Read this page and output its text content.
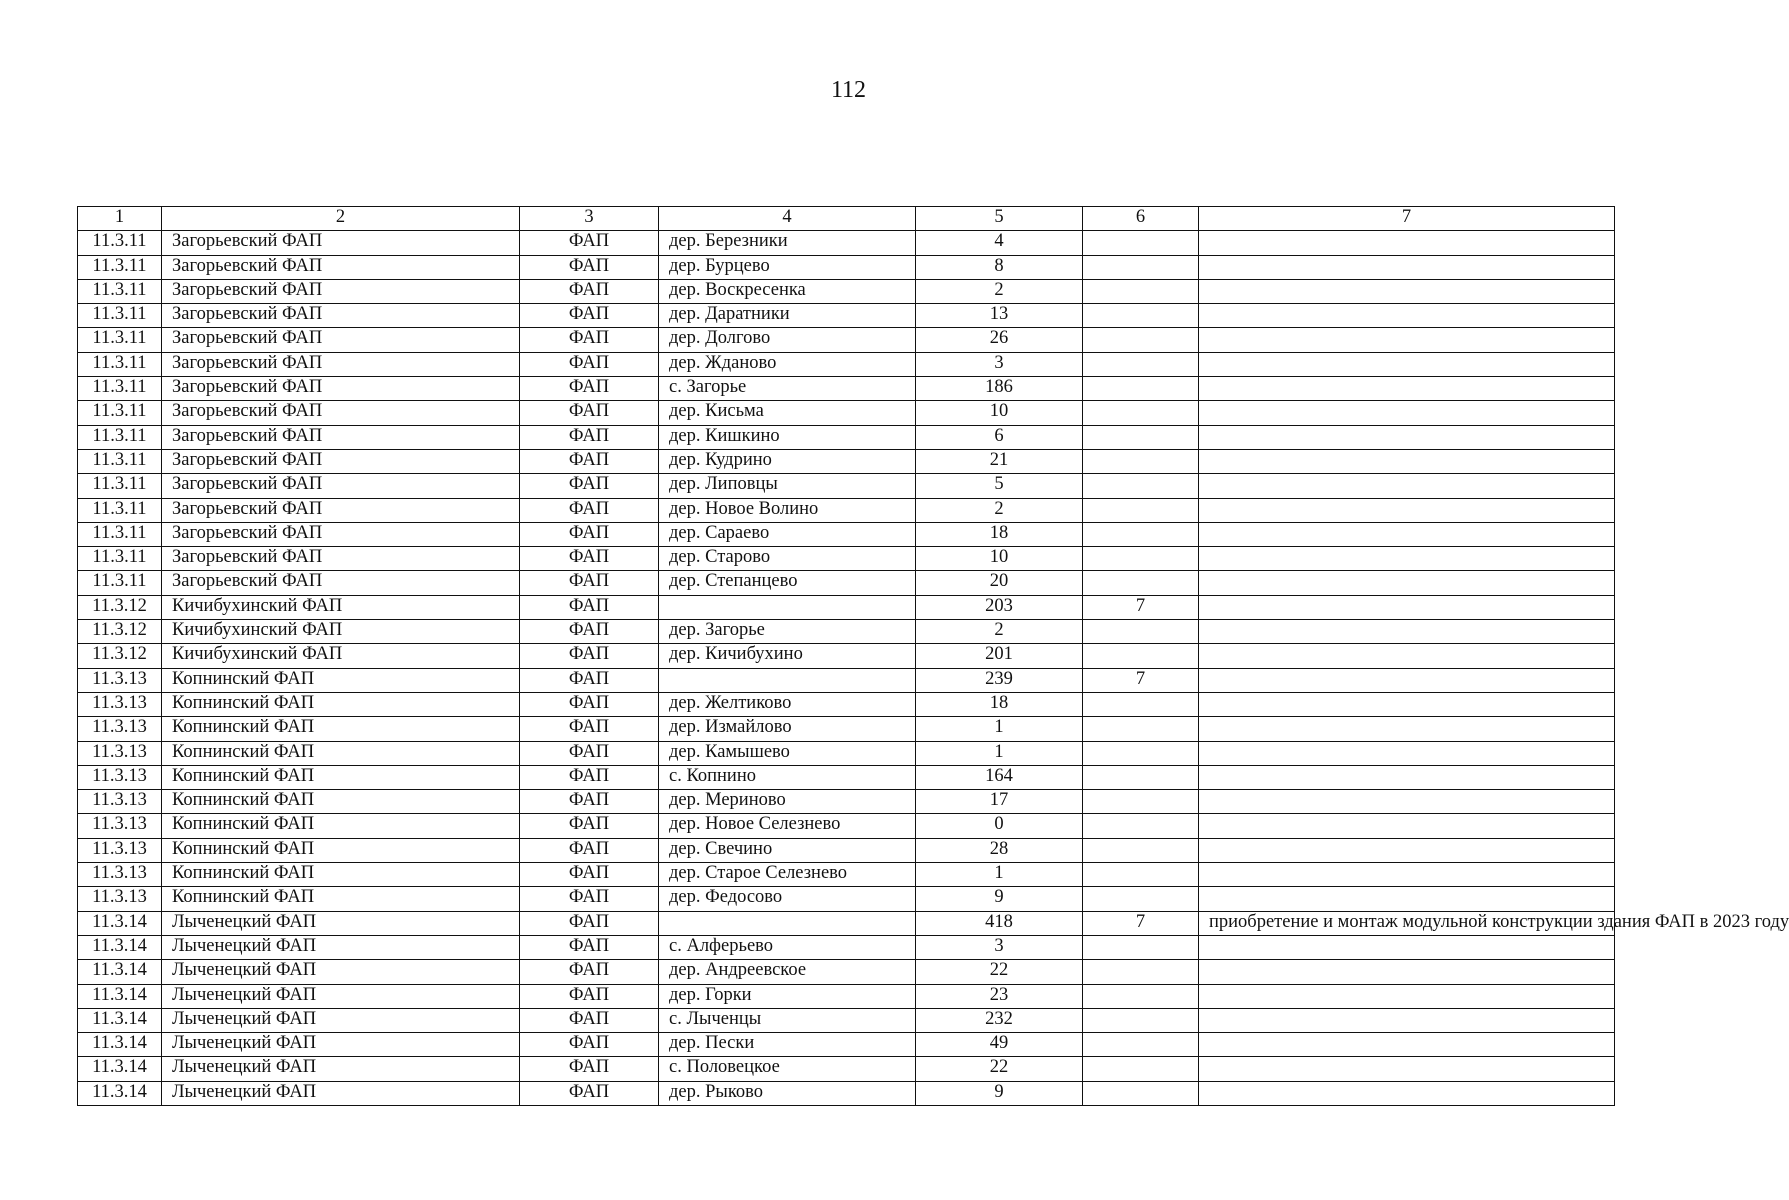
112
1	2	3	4	5	6	7
11.3.11	Загорьевский ФАП	ФАП	дер. Березники	4		
11.3.11	Загорьевский ФАП	ФАП	дер. Бурцево	8		
11.3.11	Загорьевский ФАП	ФАП	дер. Воскресенка	2		
11.3.11	Загорьевский ФАП	ФАП	дер. Даратники	13		
11.3.11	Загорьевский ФАП	ФАП	дер. Долгово	26		
11.3.11	Загорьевский ФАП	ФАП	дер. Жданово	3		
11.3.11	Загорьевский ФАП	ФАП	с. Загорье	186		
11.3.11	Загорьевский ФАП	ФАП	дер. Кисьма	10		
11.3.11	Загорьевский ФАП	ФАП	дер. Кишкино	6		
11.3.11	Загорьевский ФАП	ФАП	дер. Кудрино	21		
11.3.11	Загорьевский ФАП	ФАП	дер. Липовцы	5		
11.3.11	Загорьевский ФАП	ФАП	дер. Новое Волино	2		
11.3.11	Загорьевский ФАП	ФАП	дер. Сараево	18		
11.3.11	Загорьевский ФАП	ФАП	дер. Старово	10		
11.3.11	Загорьевский ФАП	ФАП	дер. Степанцево	20		
11.3.12	Кичибухинский ФАП	ФАП		203	7	
11.3.12	Кичибухинский ФАП	ФАП	дер. Загорье	2		
11.3.12	Кичибухинский ФАП	ФАП	дер. Кичибухино	201		
11.3.13	Копнинский ФАП	ФАП		239	7	
11.3.13	Копнинский ФАП	ФАП	дер. Желтиково	18		
11.3.13	Копнинский ФАП	ФАП	дер. Измайлово	1		
11.3.13	Копнинский ФАП	ФАП	дер. Камышево	1		
11.3.13	Копнинский ФАП	ФАП	с. Копнино	164		
11.3.13	Копнинский ФАП	ФАП	дер. Мериново	17		
11.3.13	Копнинский ФАП	ФАП	дер. Новое Селезнево	0		
11.3.13	Копнинский ФАП	ФАП	дер. Свечино	28		
11.3.13	Копнинский ФАП	ФАП	дер. Старое Селезнево	1		
11.3.13	Копнинский ФАП	ФАП	дер. Федосово	9		
11.3.14	Лыченецкий ФАП	ФАП		418	7	приобретение и монтаж модульной конструкции здания ФАП в 2023 году
11.3.14	Лыченецкий ФАП	ФАП	с. Алферьево	3		
11.3.14	Лыченецкий ФАП	ФАП	дер. Андреевское	22		
11.3.14	Лыченецкий ФАП	ФАП	дер. Горки	23		
11.3.14	Лыченецкий ФАП	ФАП	с. Лыченцы	232		
11.3.14	Лыченецкий ФАП	ФАП	дер. Пески	49		
11.3.14	Лыченецкий ФАП	ФАП	с. Половецкое	22		
11.3.14	Лыченецкий ФАП	ФАП	дер. Рыково	9		
